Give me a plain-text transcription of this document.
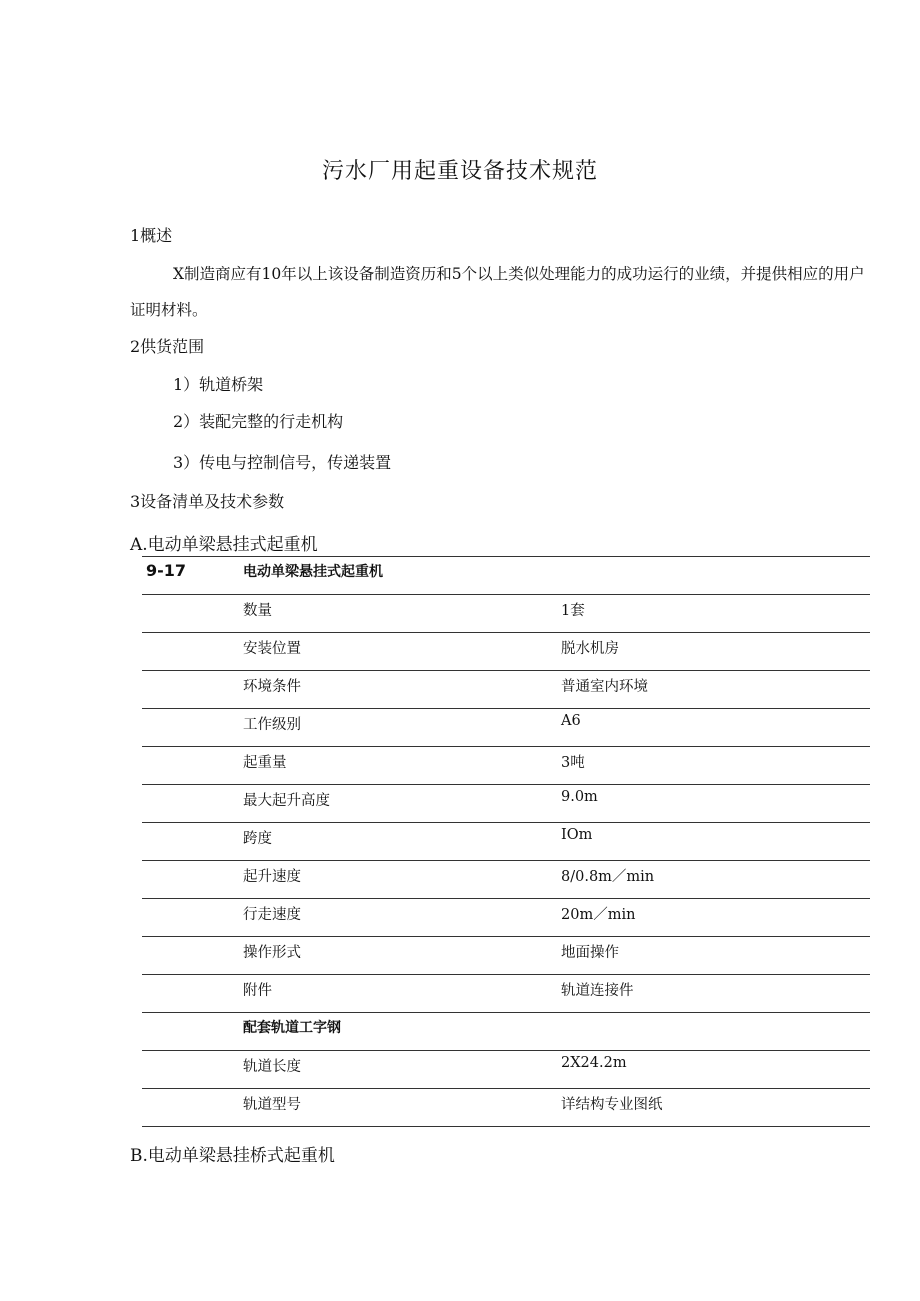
污水厂用起重设备技术规范
1概述
X制造商应有10年以上该设备制造资历和5个以上类似处理能力的成功运行的业绩，并提供相应的用户证明材料。
2供货范围
1）轨道桥架
2）装配完整的行走机构
3）传电与控制信号，传递装置
3设备清单及技术参数
A.电动单梁悬挂式起重机
9-17	电动单梁悬挂式起重机
数量	1套
安装位置	脱水机房
环境条件	普通室内环境
工作级别	A6
起重量	3吨
最大起升高度	9.0m
跨度	IOm
起升速度	8/0.8m／min
行走速度	20m／min
操作形式	地面操作
附件	轨道连接件
配套轨道工字钢
轨道长度	2X24.2m
轨道型号	详结构专业图纸
B.电动单梁悬挂桥式起重机
